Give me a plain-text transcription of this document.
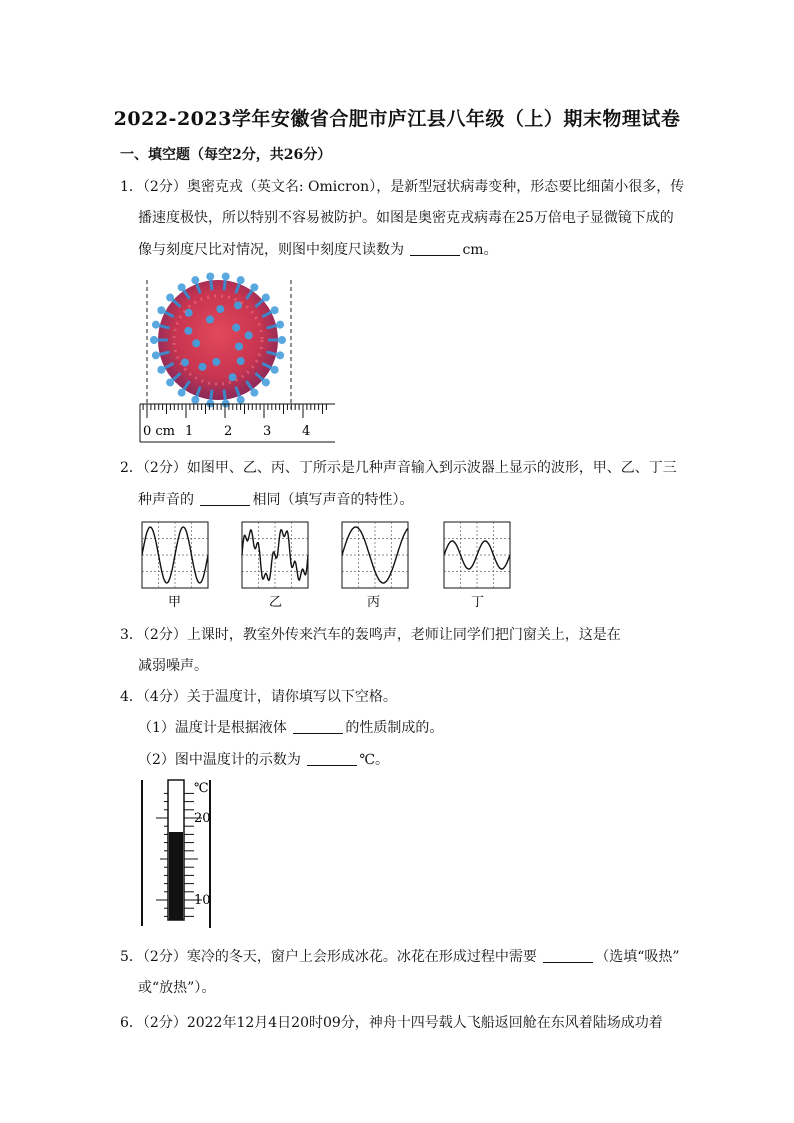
2022-2023学年安徽省合肥市庐江县八年级（上）期末物理试卷
一、填空题（每空2分，共26分）
1．（2分）奥密克戎（英文名: Omicron），是新型冠状病毒变种，形态要比细菌小很多，传
播速度极快，所以特别不容易被防护。如图是奥密克戎病毒在25万倍电子显微镜下成的
像与刻度尺比对情况，则图中刻度尺读数为	cm。
0 cm 1 2 3 4
2．（2分）如图甲、乙、丙、丁所示是几种声音输入到示波器上显示的波形，甲、乙、丁三
种声音的	相同（填写声音的特性）。
甲	乙	丙	丁
3．（2分）上课时，教室外传来汽车的轰鸣声，老师让同学们把门窗关上，这是在
减弱噪声。
4．（4分）关于温度计，请你填写以下空格。
（1）温度计是根据液体	的性质制成的。
（2）图中温度计的示数为	℃。
℃
20
10
5．（2分）寒冷的冬天，窗户上会形成冰花。冰花在形成过程中需要	（选填“吸热”
或“放热”）。
6．（2分）2022年12月4日20时09分，神舟十四号载人飞船返回舱在东风着陆场成功着
